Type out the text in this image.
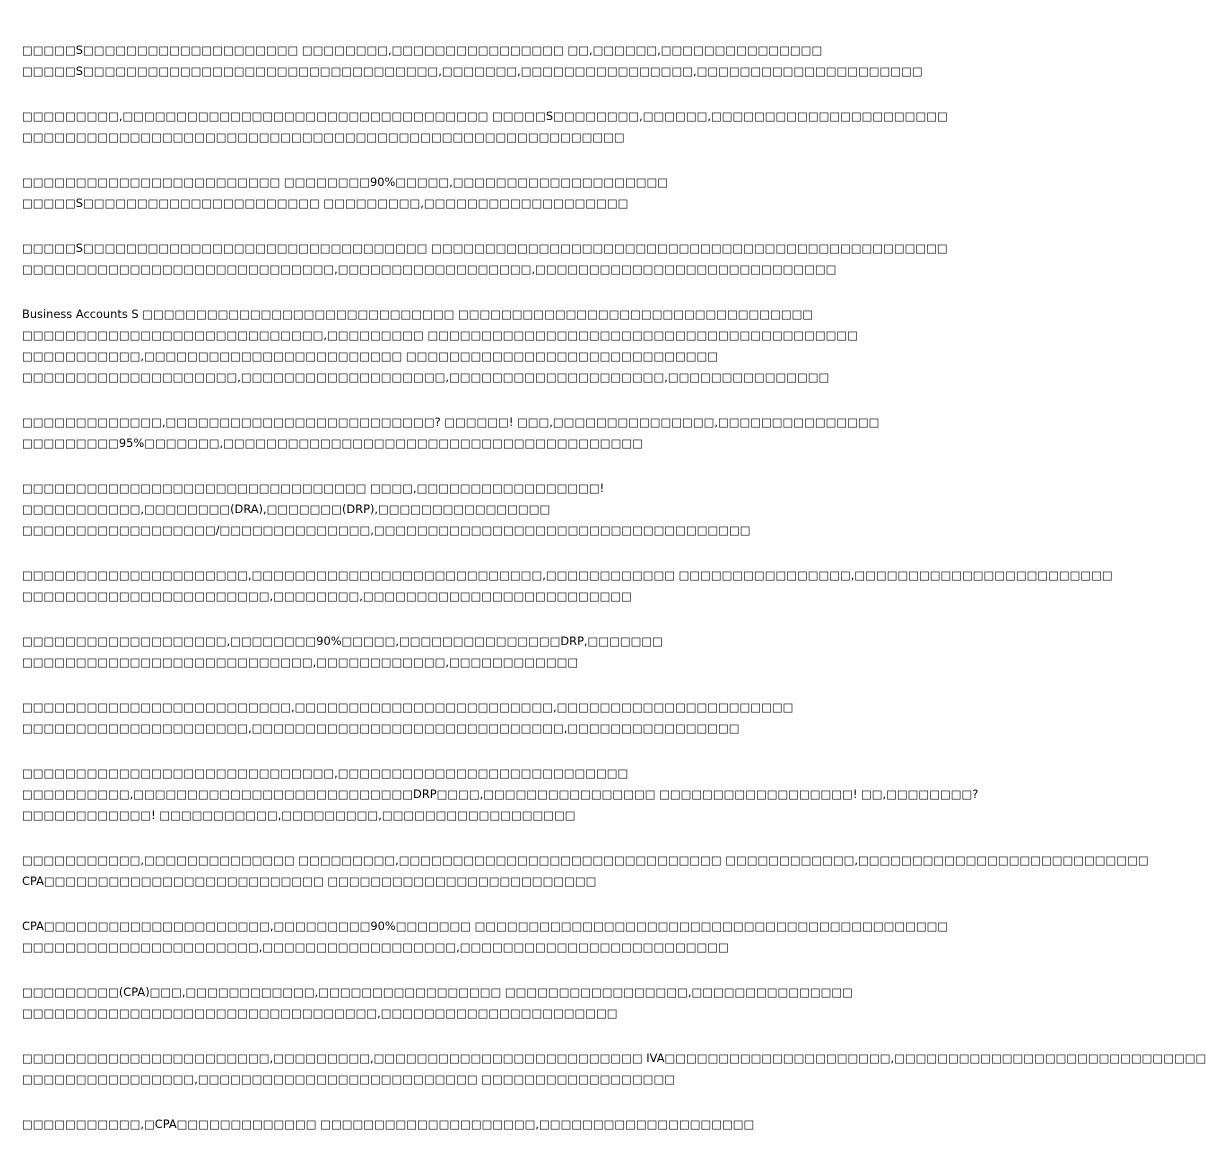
□□□□□S□□□□□□□□□□□□□□□□□□□□ □□□□□□□□,□□□□□□□□□□□□□□□□ □□,□□□□□□,□□□□□□□□□□□□□□□
□□□□□S□□□□□□□□□□□□□□□□□□□□□□□□□□□□□□□□□,□□□□□□□,□□□□□□□□□□□□□□□□,□□□□□□□□□□□□□□□□□□□□□

□□□□□□□□□,□□□□□□□□□□□□□□□□□□□□□□□□□□□□□□□□□□ □□□□□S□□□□□□□□,□□□□□□,□□□□□□□□□□□□□□□□□□□□□□
□□□□□□□□□□□□□□□□□□□□□□□□□□□□□□□□□□□□□□□□□□□□□□□□□□□□□□□□

□□□□□□□□□□□□□□□□□□□□□□□□ □□□□□□□□90%□□□□□,□□□□□□□□□□□□□□□□□□□□
□□□□□S□□□□□□□□□□□□□□□□□□□□□□ □□□□□□□□□,□□□□□□□□□□□□□□□□□□□

□□□□□S□□□□□□□□□□□□□□□□□□□□□□□□□□□□□□□□ □□□□□□□□□□□□□□□□□□□□□□□□□□□□□□□□□□□□□□□□□□□□□□□□
□□□□□□□□□□□□□□□□□□□□□□□□□□□□□,□□□□□□□□□□□□□□□□□□,□□□□□□□□□□□□□□□□□□□□□□□□□□□□

Business Accounts S □□□□□□□□□□□□□□□□□□□□□□□□□□□□□ □□□□□□□□□□□□□□□□□□□□□□□□□□□□□□□□□
□□□□□□□□□□□□□□□□□□□□□□□□□□□□,□□□□□□□□□ □□□□□□□□□□□□□□□□□□□□□□□□□□□□□□□□□□□□□□□□
□□□□□□□□□□□,□□□□□□□□□□□□□□□□□□□□□□□□ □□□□□□□□□□□□□□□□□□□□□□□□□□□□□
□□□□□□□□□□□□□□□□□□□□,□□□□□□□□□□□□□□□□□□□,□□□□□□□□□□□□□□□□□□□□,□□□□□□□□□□□□□□□

□□□□□□□□□□□□□,□□□□□□□□□□□□□□□□□□□□□□□□□? □□□□□□! □□□,□□□□□□□□□□□□□□□,□□□□□□□□□□□□□□□
□□□□□□□□□95%□□□□□□□,□□□□□□□□□□□□□□□□□□□□□□□□□□□□□□□□□□□□□□□

□□□□□□□□□□□□□□□□□□□□□□□□□□□□□□□□ □□□□,□□□□□□□□□□□□□□□□□!
□□□□□□□□□□□,□□□□□□□□(DRA),□□□□□□□(DRP),□□□□□□□□□□□□□□□□
□□□□□□□□□□□□□□□□□□/□□□□□□□□□□□□□□,□□□□□□□□□□□□□□□□□□□□□□□□□□□□□□□□□□□

□□□□□□□□□□□□□□□□□□□□□,□□□□□□□□□□□□□□□□□□□□□□□□□□□,□□□□□□□□□□□□ □□□□□□□□□□□□□□□□,□□□□□□□□□□□□□□□□□□□□□□□□
□□□□□□□□□□□□□□□□□□□□□□□,□□□□□□□□,□□□□□□□□□□□□□□□□□□□□□□□□□

□□□□□□□□□□□□□□□□□□□,□□□□□□□□90%□□□□□,□□□□□□□□□□□□□□□DRP,□□□□□□□
□□□□□□□□□□□□□□□□□□□□□□□□□□□,□□□□□□□□□□□□,□□□□□□□□□□□□

□□□□□□□□□□□□□□□□□□□□□□□□□,□□□□□□□□□□□□□□□□□□□□□□□□,□□□□□□□□□□□□□□□□□□□□□□
□□□□□□□□□□□□□□□□□□□□□,□□□□□□□□□□□□□□□□□□□□□□□□□□□□□,□□□□□□□□□□□□□□□□

□□□□□□□□□□□□□□□□□□□□□□□□□□□□□,□□□□□□□□□□□□□□□□□□□□□□□□□□□
□□□□□□□□□□,□□□□□□□□□□□□□□□□□□□□□□□□□□DRP□□□□,□□□□□□□□□□□□□□□□ □□□□□□□□□□□□□□□□□□! □□,□□□□□□□□?
□□□□□□□□□□□□! □□□□□□□□□□□,□□□□□□□□□,□□□□□□□□□□□□□□□□□□

□□□□□□□□□□□,□□□□□□□□□□□□□□ □□□□□□□□□,□□□□□□□□□□□□□□□□□□□□□□□□□□□□□□ □□□□□□□□□□□□,□□□□□□□□□□□□□□□□□□□□□□□□□□□
CPA□□□□□□□□□□□□□□□□□□□□□□□□□□ □□□□□□□□□□□□□□□□□□□□□□□□□

CPA□□□□□□□□□□□□□□□□□□□□□,□□□□□□□□□90%□□□□□□□ □□□□□□□□□□□□□□□□□□□□□□□□□□□□□□□□□□□□□□□□□□□□
□□□□□□□□□□□□□□□□□□□□□□,□□□□□□□□□□□□□□□□□□,□□□□□□□□□□□□□□□□□□□□□□□□□

□□□□□□□□□(CPA)□□□,□□□□□□□□□□□□,□□□□□□□□□□□□□□□□□ □□□□□□□□□□□□□□□□□,□□□□□□□□□□□□□□□
□□□□□□□□□□□□□□□□□□□□□□□□□□□□□□□□□,□□□□□□□□□□□□□□□□□□□□□□

□□□□□□□□□□□□□□□□□□□□□□□,□□□□□□□□□,□□□□□□□□□□□□□□□□□□□□□□□□□ IVA□□□□□□□□□□□□□□□□□□□□□,□□□□□□□□□□□□□□□□□□□□□□□□□□□□□
□□□□□□□□□□□□□□□□,□□□□□□□□□□□□□□□□□□□□□□□□□□ □□□□□□□□□□□□□□□□□□

□□□□□□□□□□□,□CPA□□□□□□□□□□□□□ □□□□□□□□□□□□□□□□□□□□,□□□□□□□□□□□□□□□□□□□□
